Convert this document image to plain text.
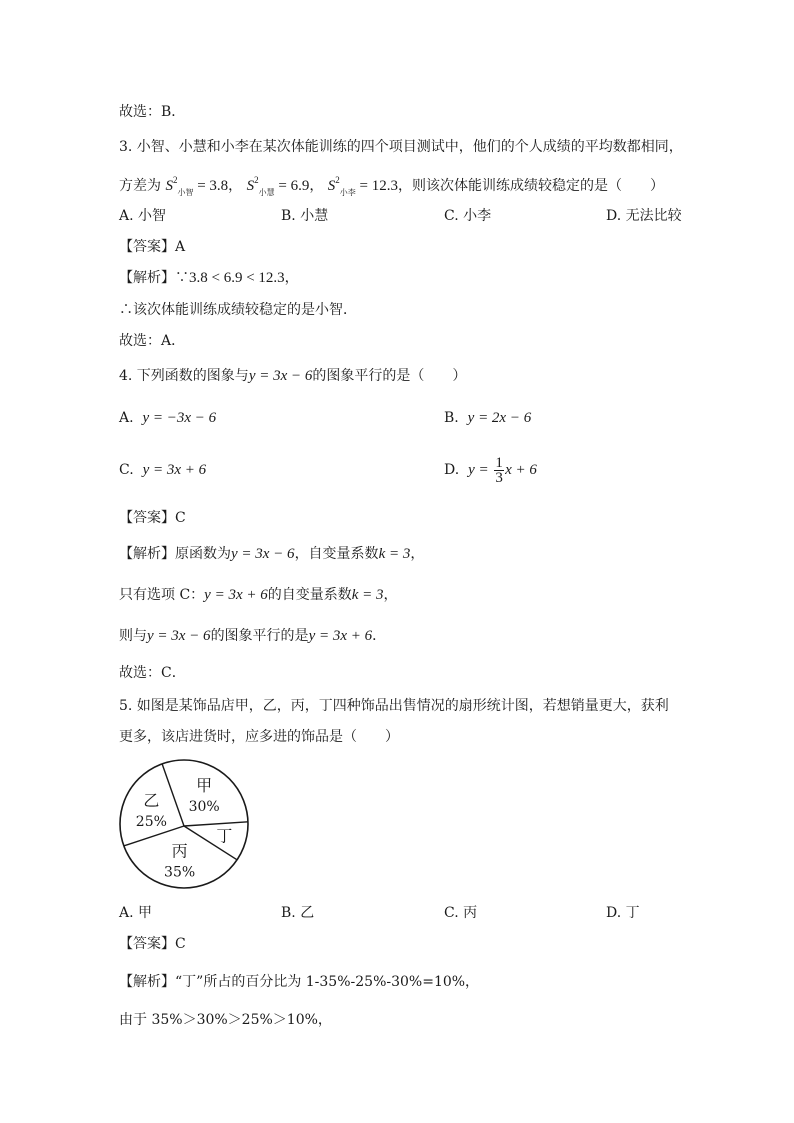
故选：B．
3. 小智、小慧和小李在某次体能训练的四个项目测试中，他们的个人成绩的平均数都相同，
方差为 $S^2_{小智} = 3.8$， $S^2_{小慧} = 6.9$， $S^2_{小李} = 12.3$，则该次体能训练成绩较稳定的是（　　）
A. 小智	B. 小慧	C. 小李	D. 无法比较
【答案】A
【解析】∵3.8 < 6.9 < 12.3，
∴该次体能训练成绩较稳定的是小智．
故选：A．
4. 下列函数的图象与y = 3x − 6的图象平行的是（　　）
A. y = −3x − 6	B. y = 2x − 6
C. y = 3x + 6	D. $y = \frac{1}{3}$ x + 6
【答案】C
【解析】原函数为y = 3x − 6，自变量系数k = 3，
只有选项 C：y = 3x + 6的自变量系数k = 3，
则与y = 3x − 6的图象平行的是y = 3x + 6．
故选：C．
5. 如图是某饰品店甲，乙，丙，丁四种饰品出售情况的扇形统计图，若想销量更大，获利
更多，该店进货时，应多进的饰品是（　　）
甲
30%
丁
丙
35%
乙
25%
A. 甲	B. 乙	C. 丙	D. 丁
【答案】C
【解析】“丁”所占的百分比为 1-35%-25%-30%=10%，
由于 35%＞30%＞25%＞10%，
